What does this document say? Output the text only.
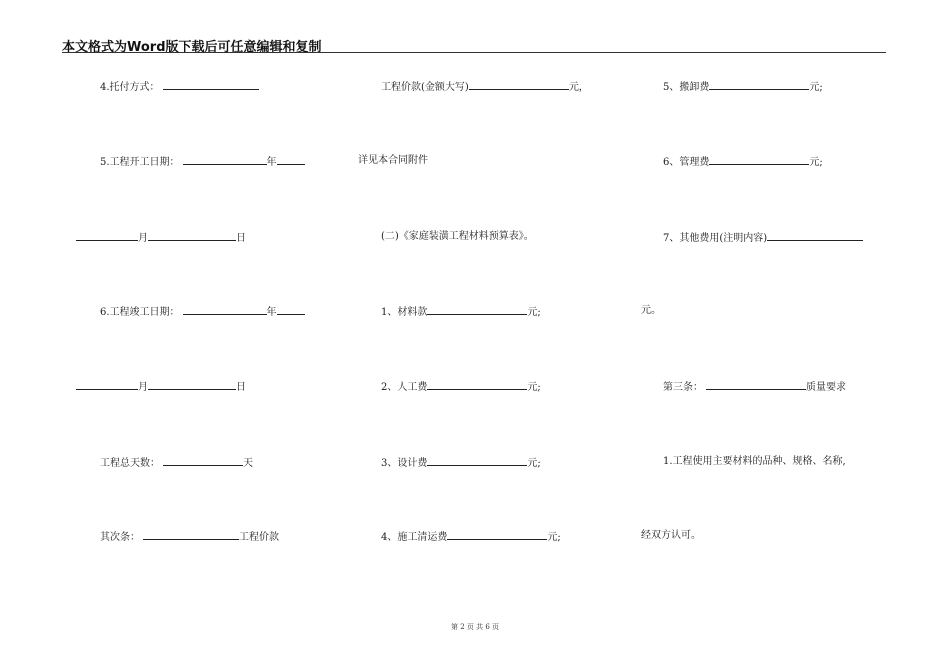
本文格式为Word版下载后可任意编辑和复制
4.托付方式：
5.工程开工日期：	年
月	日
6.工程竣工日期：	年
月	日
工程总天数：	天
其次条：	工程价款
工程价款(金额大写)	元，
详见本合同附件
(二)《家庭装潢工程材料预算表》。
1、材料款	元;
2、人工费	元;
3、设计费	元;
4、施工清运费	元;
5、搬卸费	元;
6、管理费	元;
7、其他费用(注明内容)
元。
第三条：	质量要求
1.工程使用主要材料的品种、规格、名称,
经双方认可。
第 2 页 共 6 页
